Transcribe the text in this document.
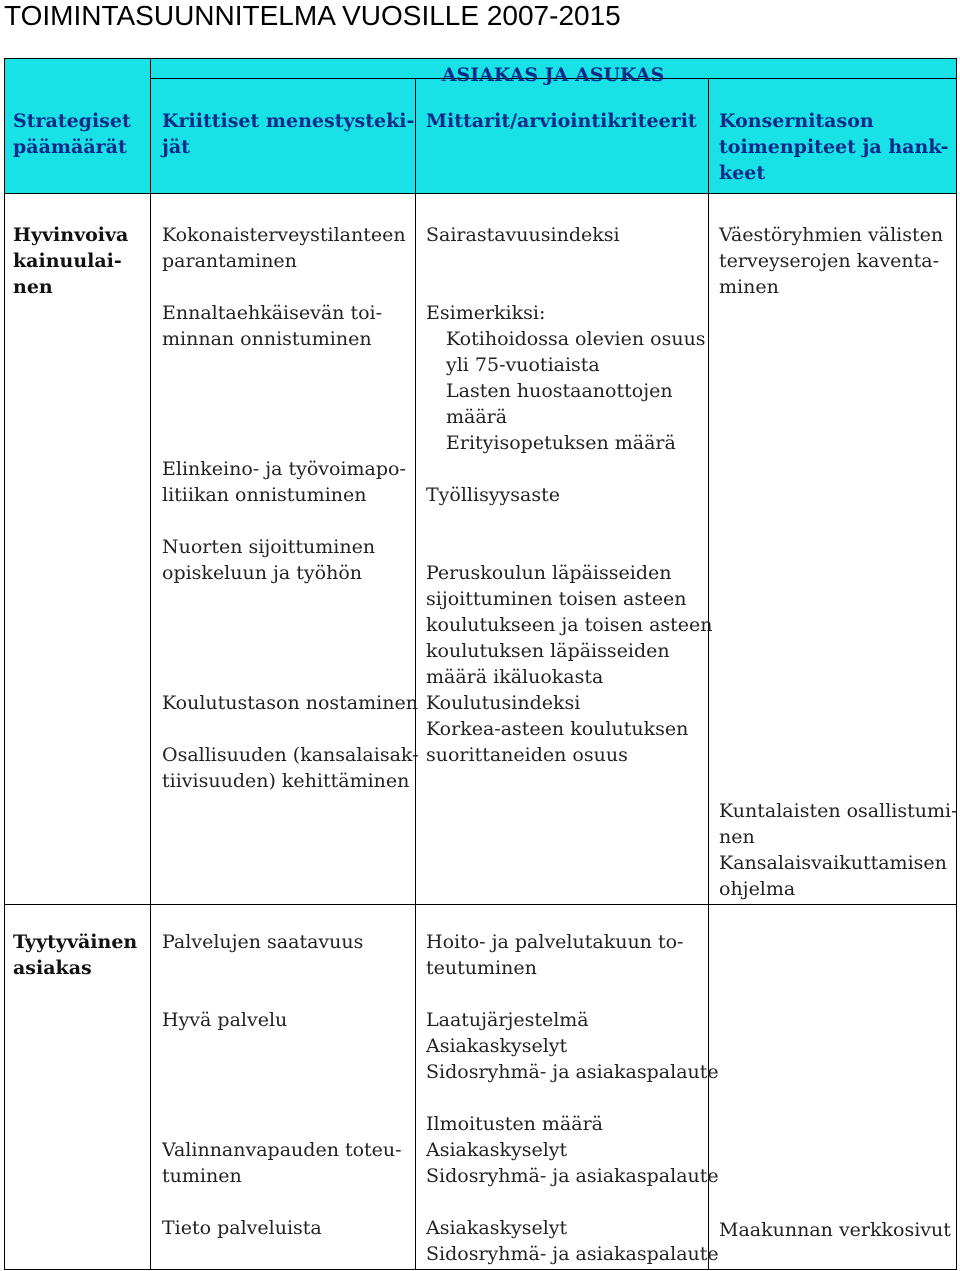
TOIMINTASUUNNITELMA VUOSILLE 2007-2015
ASIAKAS JA ASUKAS
Strategiset
päämäärät
Kriittiset menestysteki-
jät
Mittarit/arviointikriteerit Konsernitason
toimenpiteet ja hank-
keet
Hyvinvoiva
kainuulai-
nen
Kokonaisterveystilanteen
parantaminen
Ennaltaehkäisevän toi-
minnan onnistuminen
Elinkeino- ja työvoimapo-
litiikan onnistuminen
Nuorten sijoittuminen
opiskeluun ja työhön
Koulutustason nostaminen
Osallisuuden (kansalaisak-
tiivisuuden) kehittäminen
Sairastavuusindeksi
Esimerkiksi:
Kotihoidossa olevien osuus
yli 75-vuotiaista
Lasten huostaanottojen
määrä
Erityisopetuksen määrä
Työllisyysaste
Peruskoulun läpäisseiden
sijoittuminen toisen asteen
koulutukseen ja toisen asteen
koulutuksen läpäisseiden
määrä ikäluokasta
Koulutusindeksi
Korkea-asteen koulutuksen
suorittaneiden osuus
Väestöryhmien välisten
terveyserojen kaventa-
minen
Kuntalaisten osallistumi-
nen
Kansalaisvaikuttamisen
ohjelma
Tyytyväinen
asiakas
Palvelujen saatavuus
Hyvä palvelu
Valinnanvapauden toteu-
tuminen
Tieto palveluista
Hoito- ja palvelutakuun to-
teutuminen
Laatujärjestelmä
Asiakaskyselyt
Sidosryhmä- ja asiakaspalaute
Ilmoitusten määrä
Asiakaskyselyt
Sidosryhmä- ja asiakaspalaute
Asiakaskyselyt
Sidosryhmä- ja asiakaspalaute
Maakunnan verkkosivut
